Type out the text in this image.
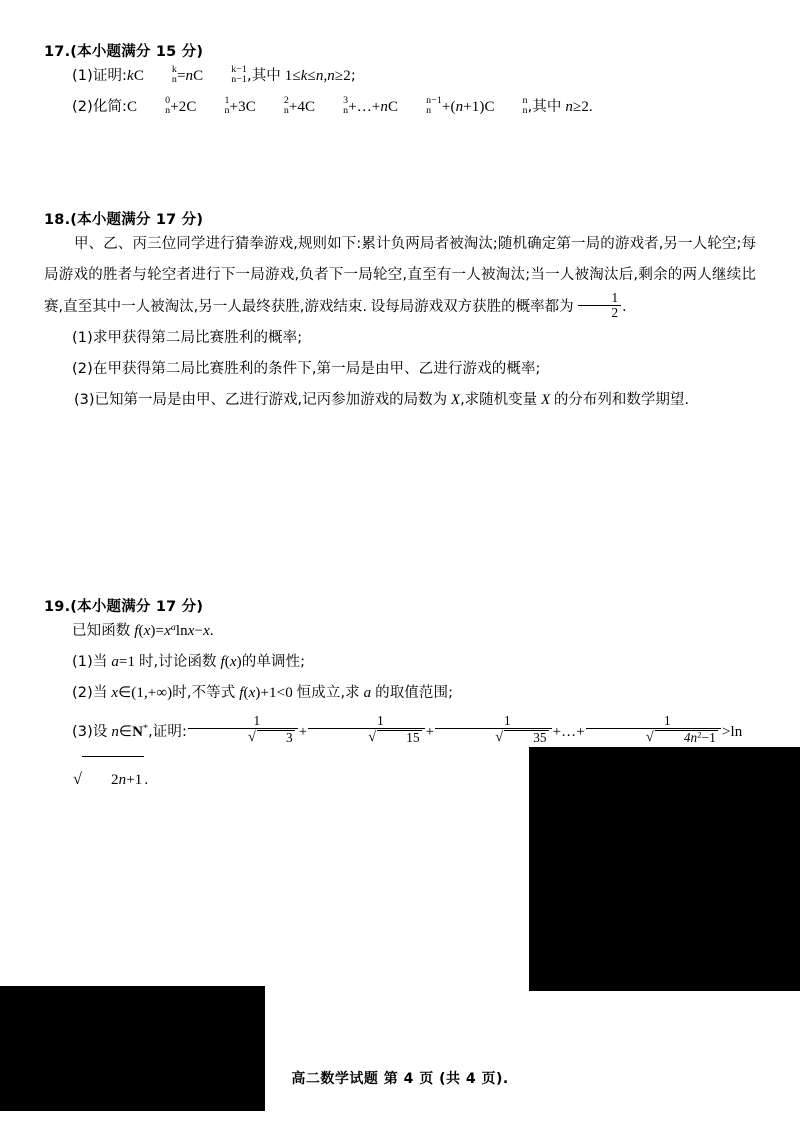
17.(本小题满分 15 分)
(1)证明:kC	k
n =nC	k−1
n−1 ,其中 1≤k≤n,n≥2;
(2)化简:C	0
n +2C	1
n +3C	2
n +4C	3
n +…+nC	n−1
n +(n+1)C	n
n ,其中 n≥2.
18.(本小题满分 17 分)
甲、乙、丙三位同学进行猜拳游戏,规则如下:累计负两局者被淘汰;随机确定第一局的游戏者,另一人轮空;每局游戏的胜者与轮空者进行下一局游戏,负者下一局轮空,直至有一人被淘汰;当一人被淘汰后,剩余的两人继续比赛,直至其中一人被淘汰,另一人最终获胜,游戏结束. 设每局游戏双方获胜的概率都为 $\frac{1}{2}$ .
(1)求甲获得第二局比赛胜利的概率;
(2)在甲获得第二局比赛胜利的条件下,第一局是由甲、乙进行游戏的概率;
(3)已知第一局是由甲、乙进行游戏,记丙参加游戏的局数为 X,求随机变量 X 的分布列和数学期望.
19.(本小题满分 17 分)
已知函数 $f(x)=x^a\ln x-x$.
(1)当 a=1 时,讨论函数 f(x)的单调性;
(2)当 x∈(1,+∞)时,不等式 f(x)+1<0 恒成立,求 a 的取值范围;
(3)设 n∈N*,证明: $\frac{1}{√ 3} + \frac{1}{√ 15} + \frac{1}{√ 35}$ +…+ $\frac{1}{√ 4n^2-1} >\ln$
√ 2n+1 .
高二数学试题 第 4 页 (共 4 页).
